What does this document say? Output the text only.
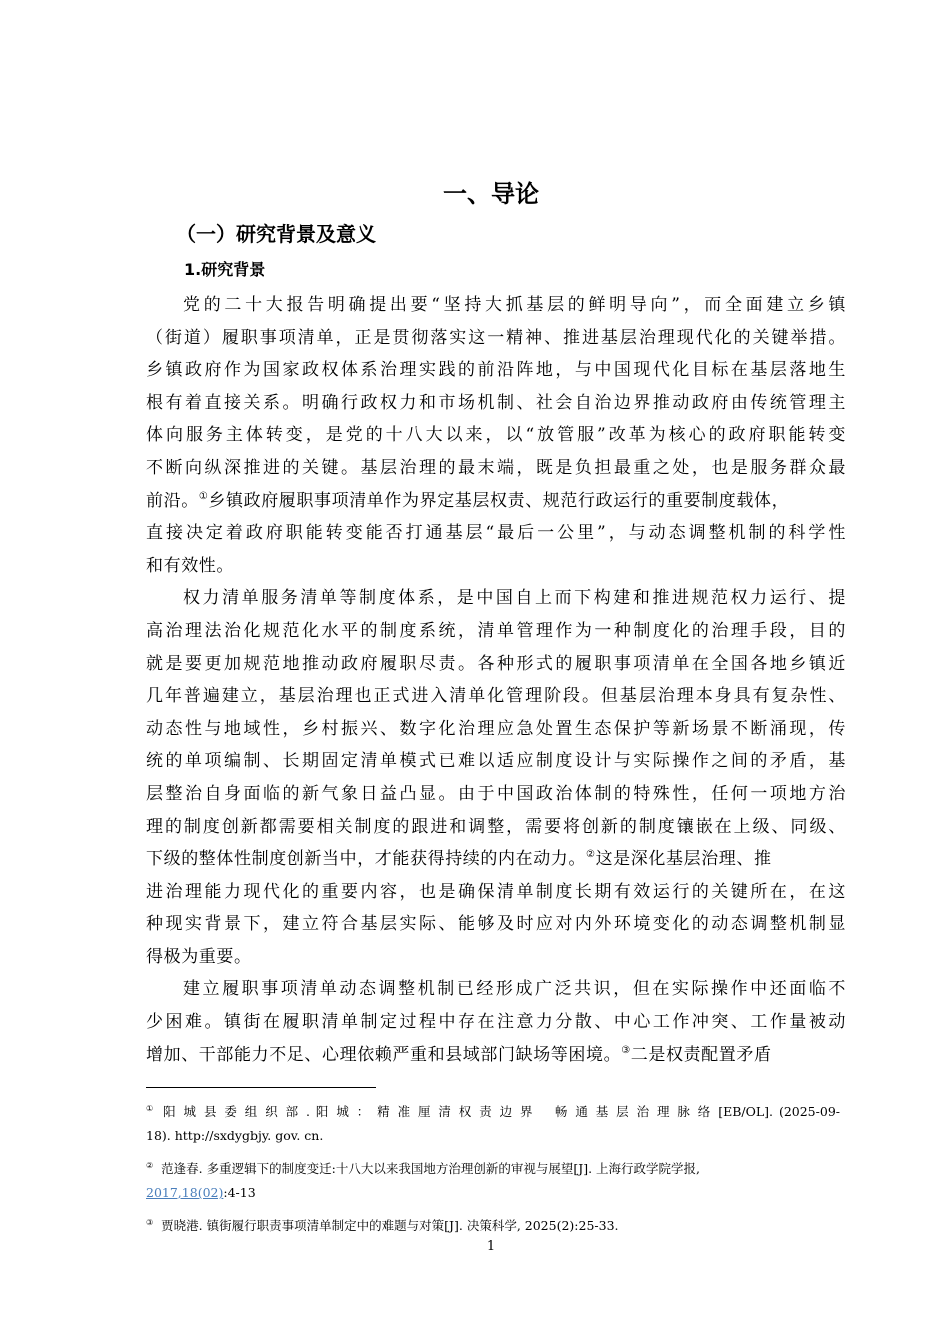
一、导论
（一）研究背景及意义
1.研究背景
党的二十大报告明确提出要“坚持大抓基层的鲜明导向”，而全面建立乡镇
（街道）履职事项清单，正是贯彻落实这一精神、推进基层治理现代化的关键举措。
乡镇政府作为国家政权体系治理实践的前沿阵地，与中国现代化目标在基层落地生
根有着直接关系。明确行政权力和市场机制、社会自治边界推动政府由传统管理主
体向服务主体转变，是党的十八大以来，以“放管服”改革为核心的政府职能转变
不断向纵深推进的关键。基层治理的最末端，既是负担最重之处，也是服务群众最
前沿。①乡镇政府履职事项清单作为界定基层权责、规范行政运行的重要制度载体，
直接决定着政府职能转变能否打通基层“最后一公里”，与动态调整机制的科学性
和有效性。
权力清单服务清单等制度体系，是中国自上而下构建和推进规范权力运行、提
高治理法治化规范化水平的制度系统，清单管理作为一种制度化的治理手段，目的
就是要更加规范地推动政府履职尽责。各种形式的履职事项清单在全国各地乡镇近
几年普遍建立，基层治理也正式进入清单化管理阶段。但基层治理本身具有复杂性、
动态性与地域性，乡村振兴、数字化治理应急处置生态保护等新场景不断涌现，传
统的单项编制、长期固定清单模式已难以适应制度设计与实际操作之间的矛盾，基
层整治自身面临的新气象日益凸显。由于中国政治体制的特殊性，任何一项地方治
理的制度创新都需要相关制度的跟进和调整，需要将创新的制度镶嵌在上级、同级、
下级的整体性制度创新当中，才能获得持续的内在动力。②这是深化基层治理、推
进治理能力现代化的重要内容，也是确保清单制度长期有效运行的关键所在，在这
种现实背景下，建立符合基层实际、能够及时应对内外环境变化的动态调整机制显
得极为重要。
建立履职事项清单动态调整机制已经形成广泛共识，但在实际操作中还面临不
少困难。镇街在履职清单制定过程中存在注意力分散、中心工作冲突、工作量被动
增加、干部能力不足、心理依赖严重和县域部门缺场等困境。③二是权责配置矛盾
① 阳 城 县 委 组 织 部 . 阳 城 ： 精 准 厘 清 权 责 边 界 　畅 通 基 层 治 理 脉 络 [EB/OL]. (2025-09-
18). http://sxdygbjy. gov. cn.
② 范逢春. 多重逻辑下的制度变迁:十八大以来我国地方治理创新的审视与展望[J]. 上海行政学院学报,
2017,18(02):4-13
③ 贾晓港. 镇街履行职责事项清单制定中的难题与对策[J]. 决策科学, 2025(2):25-33.
1
